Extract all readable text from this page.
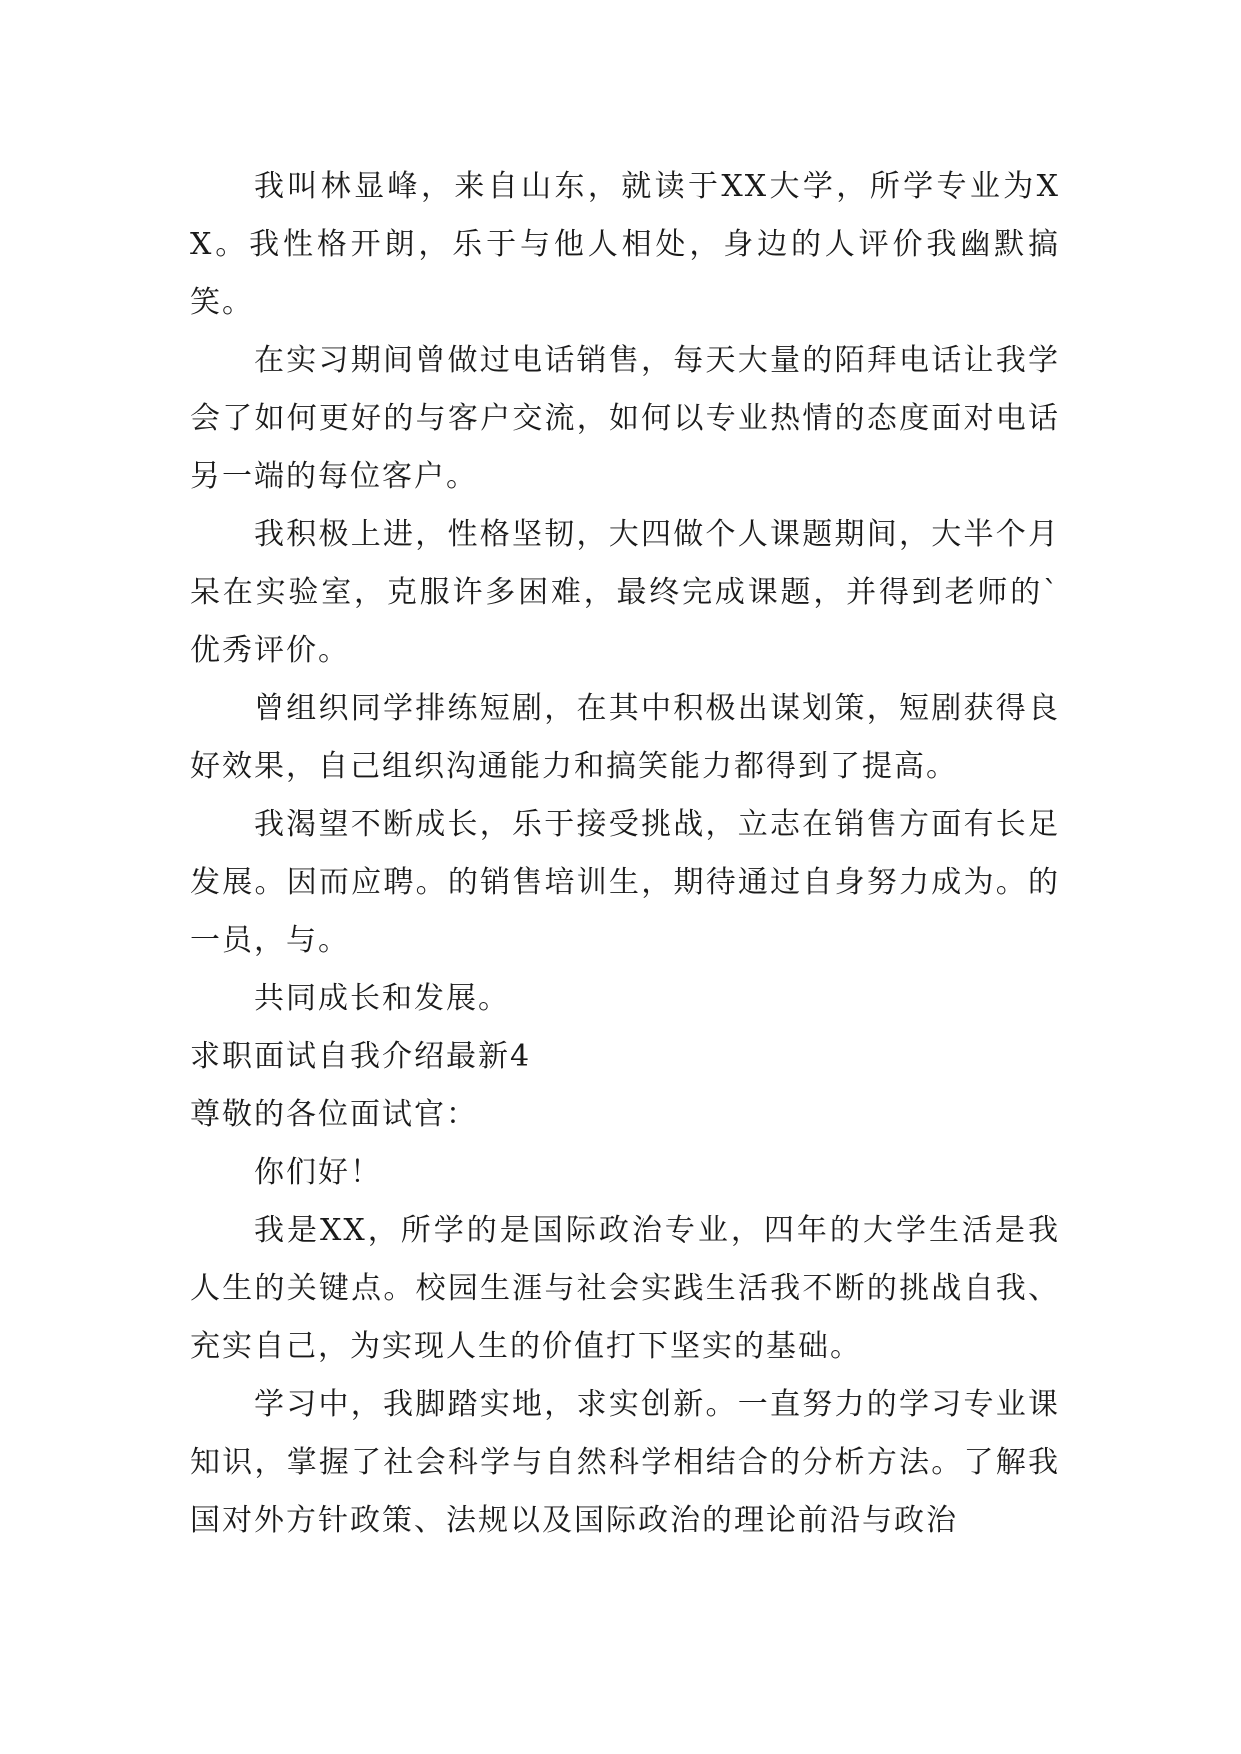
我叫林显峰，来自山东，就读于XX大学，所学专业为XX。我性格开朗，乐于与他人相处，身边的人评价我幽默搞笑。

在实习期间曾做过电话销售，每天大量的陌拜电话让我学会了如何更好的与客户交流，如何以专业热情的态度面对电话另一端的每位客户。

我积极上进，性格坚韧，大四做个人课题期间，大半个月呆在实验室，克服许多困难，最终完成课题，并得到老师的`优秀评价。

曾组织同学排练短剧，在其中积极出谋划策，短剧获得良好效果，自己组织沟通能力和搞笑能力都得到了提高。

我渴望不断成长，乐于接受挑战，立志在销售方面有长足发展。因而应聘。的销售培训生，期待通过自身努力成为。的一员，与。

共同成长和发展。

求职面试自我介绍最新4

尊敬的各位面试官：

你们好！

我是XX，所学的是国际政治专业，四年的大学生活是我人生的关键点。校园生涯与社会实践生活我不断的挑战自我、充实自己，为实现人生的价值打下坚实的基础。

学习中，我脚踏实地，求实创新。一直努力的学习专业课知识，掌握了社会科学与自然科学相结合的分析方法。了解我国对外方针政策、法规以及国际政治的理论前沿与政治
